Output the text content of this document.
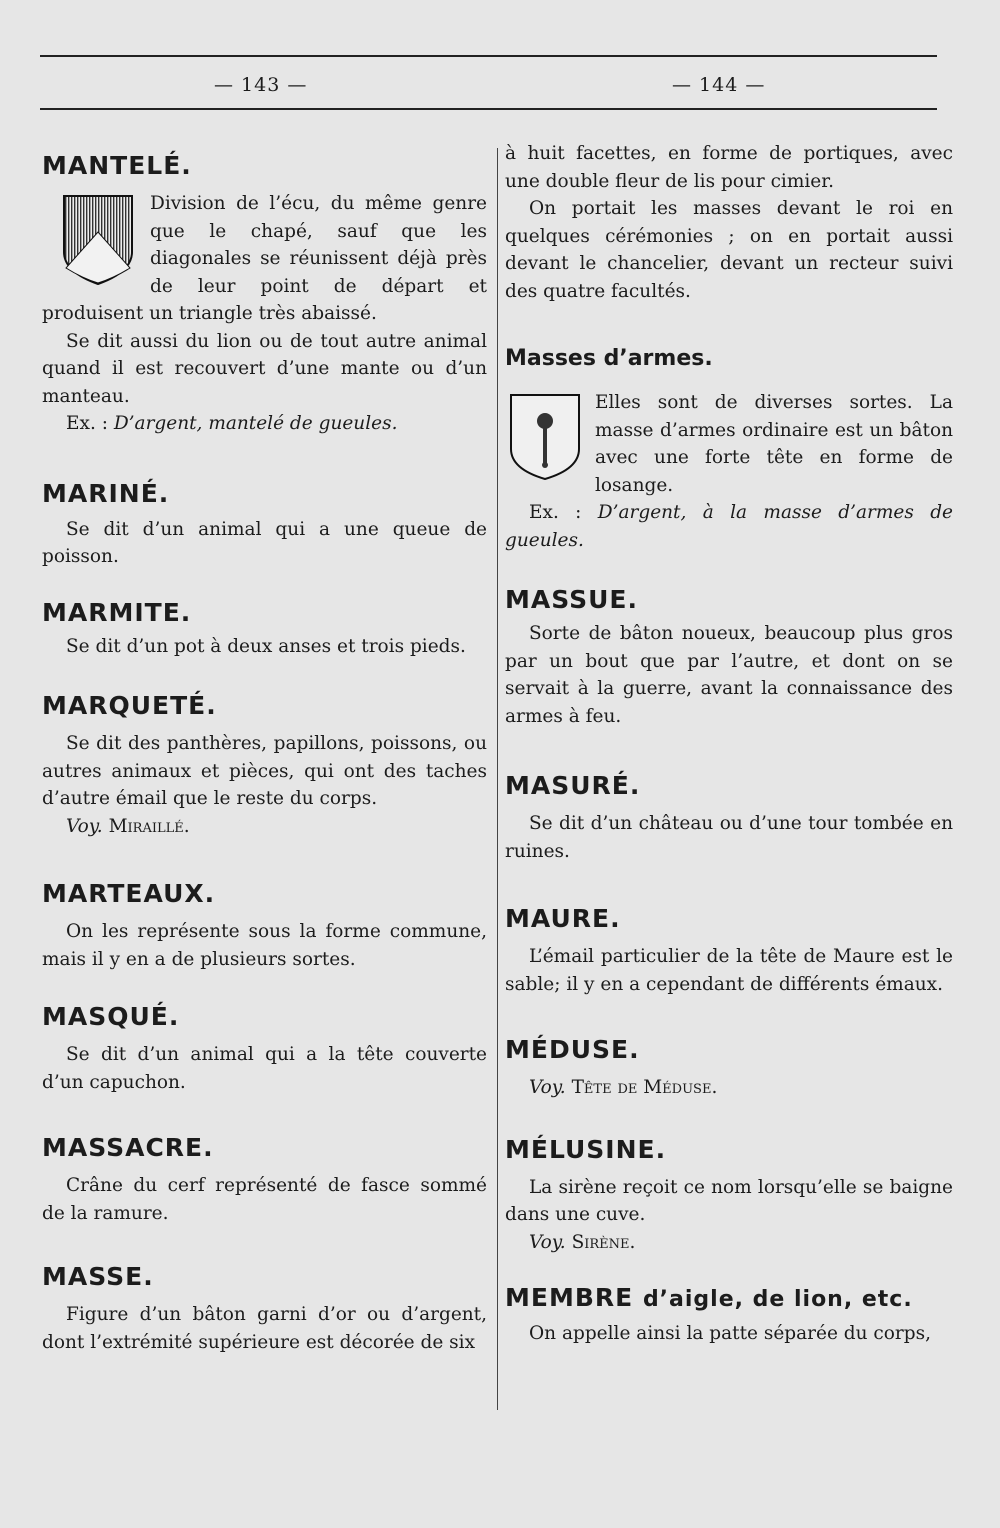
— 143 —	— 144 —
MANTELÉ.

Division de l’écu, du même genre que le chapé, sauf que les diagonales se réunissent déjà près de leur point de départ et produisent un triangle très abaissé.

Se dit aussi du lion ou de tout autre animal quand il est recouvert d’une mante ou d’un manteau.

Ex. : D’argent, mantelé de gueules.

MARINÉ.

Se dit d’un animal qui a une queue de poisson.

MARMITE.

Se dit d’un pot à deux anses et trois pieds.

MARQUETÉ.

Se dit des panthères, papillons, poissons, ou autres animaux et pièces, qui ont des taches d’autre émail que le reste du corps.

Voy. Miraillé.

MARTEAUX.

On les représente sous la forme commune, mais il y en a de plusieurs sortes.

MASQUÉ.

Se dit d’un animal qui a la tête couverte d’un capuchon.

MASSACRE.

Crâne du cerf représenté de fasce sommé de la ramure.

MASSE.

Figure d’un bâton garni d’or ou d’argent, dont l’extrémité supérieure est décorée de six

à huit facettes, en forme de portiques, avec une double fleur de lis pour cimier.

On portait les masses devant le roi en quelques cérémonies ; on en portait aussi devant le chancelier, devant un recteur suivi des quatre facultés.

Masses d’armes.

Elles sont de diverses sortes. La masse d’armes ordinaire est un bâton avec une forte tête en forme de losange.

Ex. : D’argent, à la masse d’armes de gueules.

MASSUE.

Sorte de bâton noueux, beaucoup plus gros par un bout que par l’autre, et dont on se servait à la guerre, avant la connaissance des armes à feu.

MASURÉ.

Se dit d’un château ou d’une tour tombée en ruines.

MAURE.

L’émail particulier de la tête de Maure est le sable; il y en a cependant de différents émaux.

MÉDUSE.

Voy. Tête de Méduse.

MÉLUSINE.

La sirène reçoit ce nom lorsqu’elle se baigne dans une cuve.

Voy. Sirène.

MEMBRE d’aigle, de lion, etc.

On appelle ainsi la patte séparée du corps,
